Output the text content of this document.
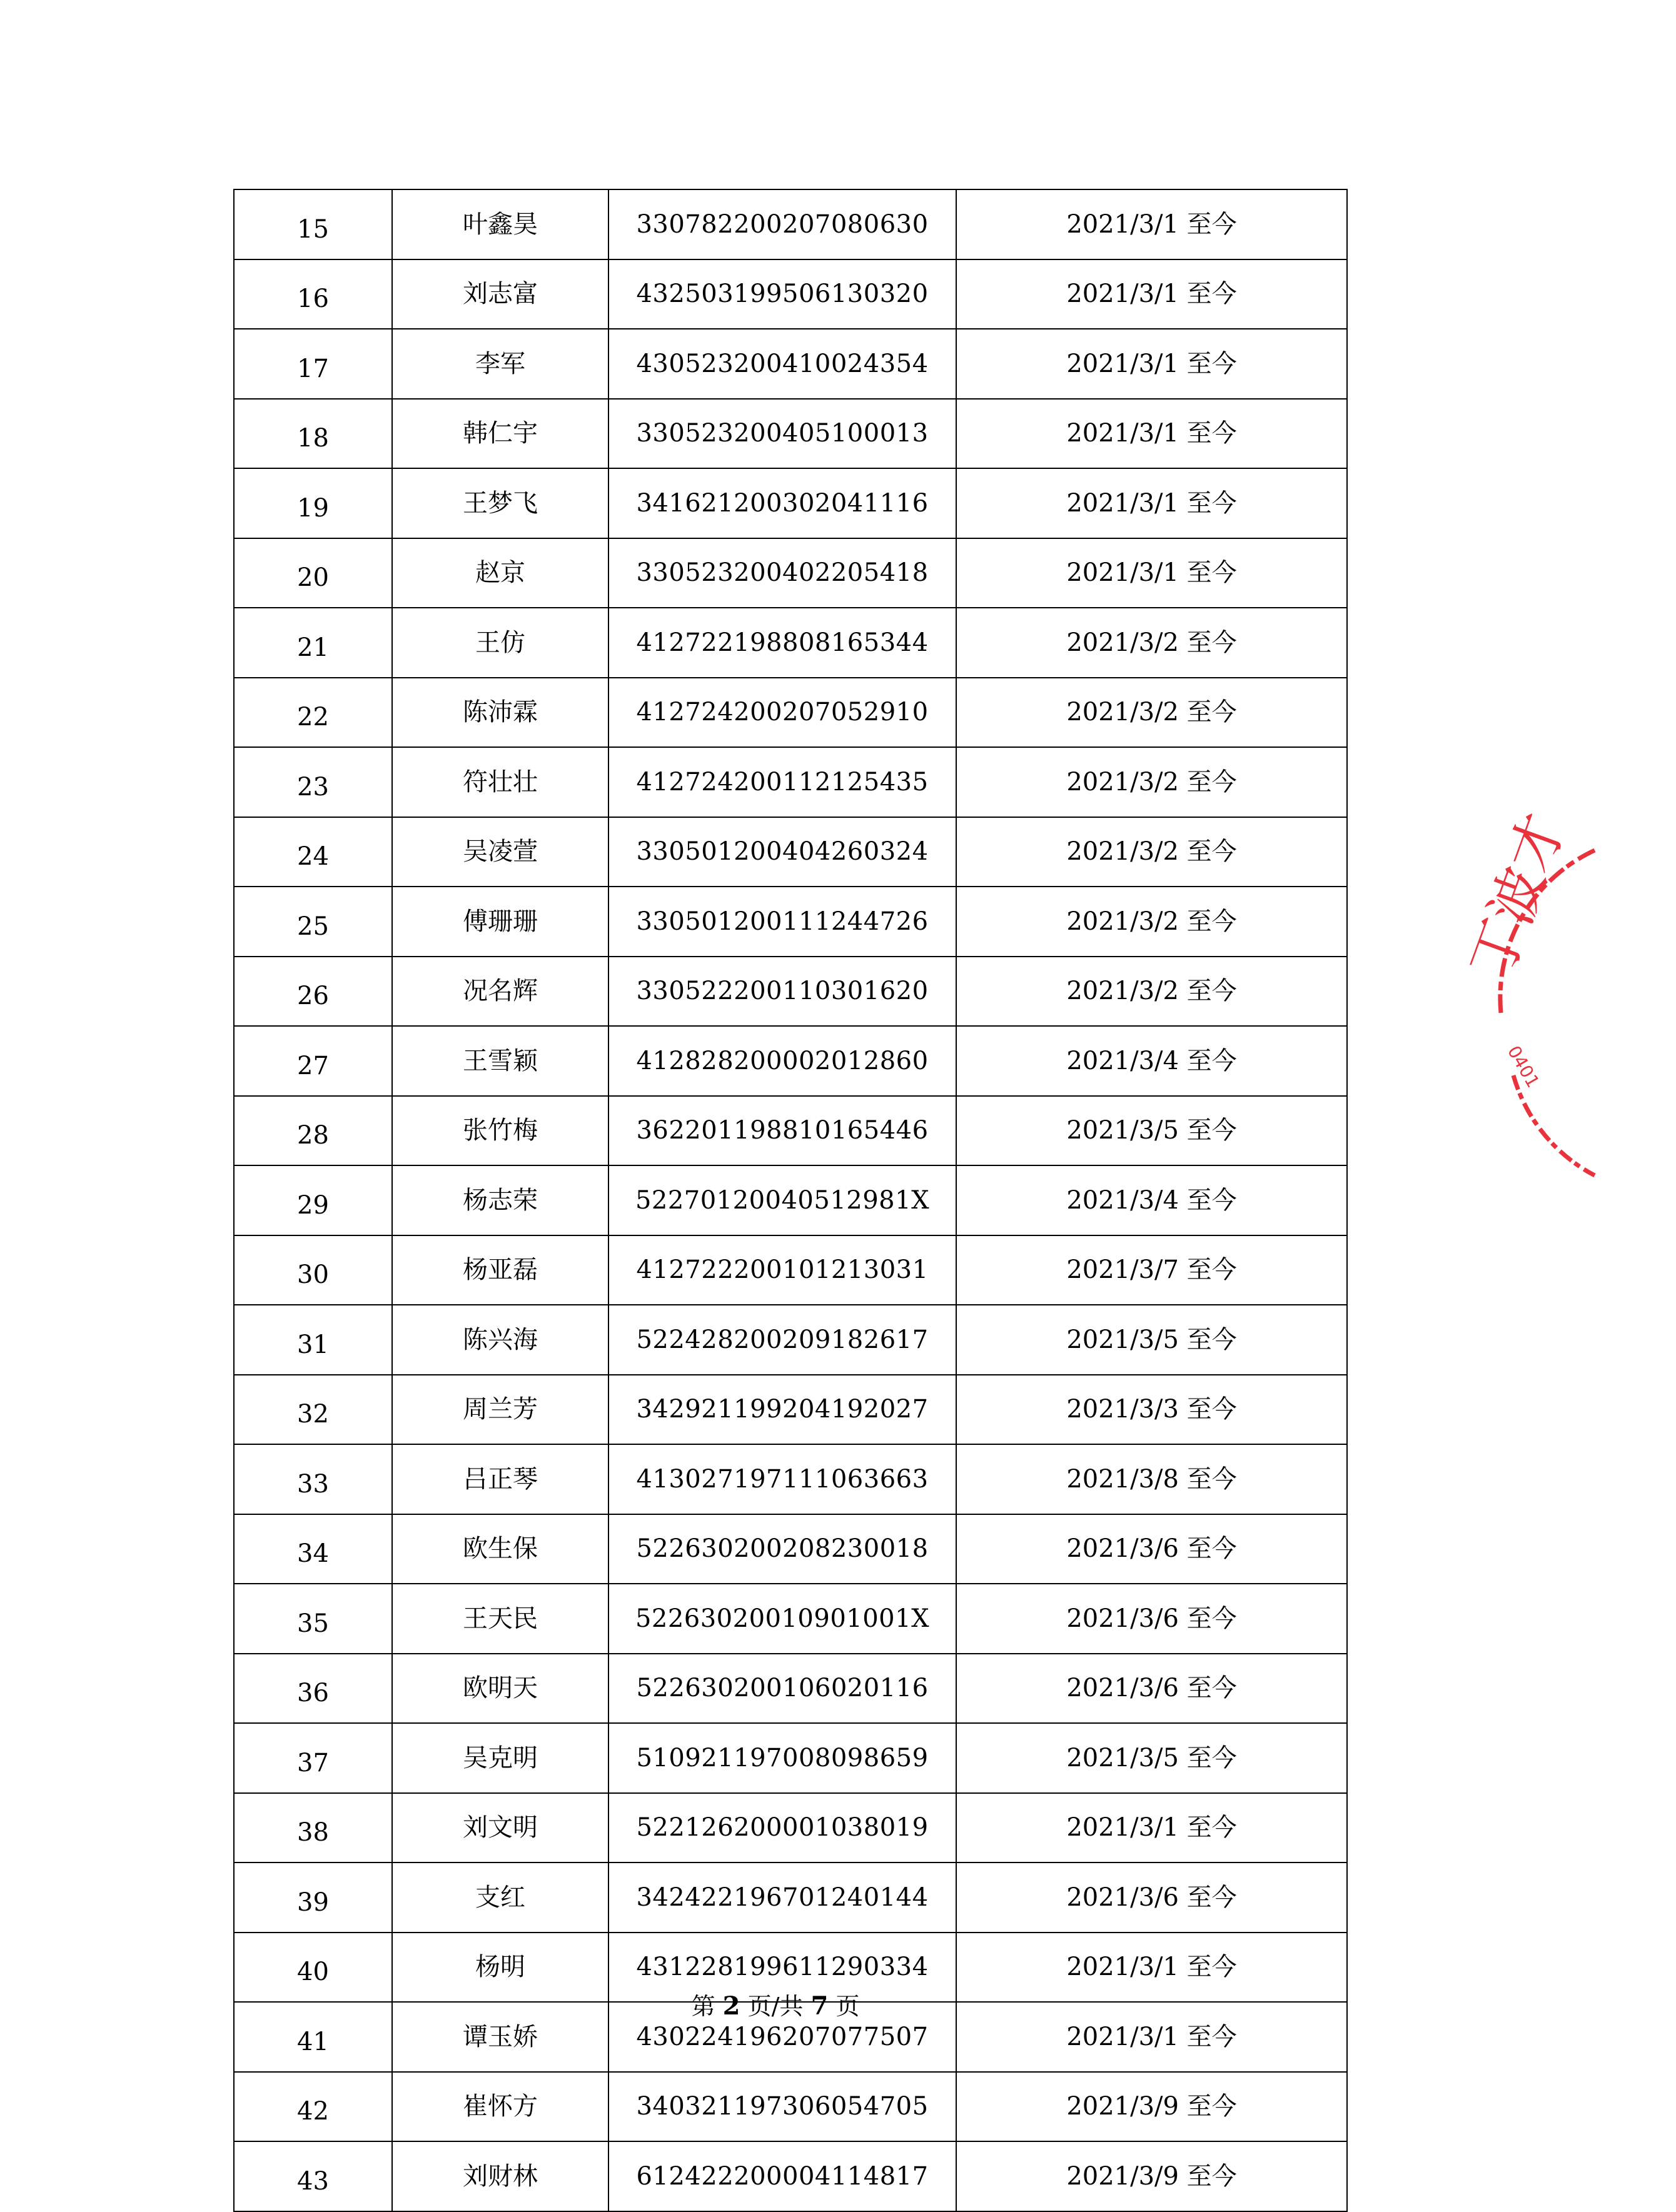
15	叶鑫昊	330782200207080630	2021/3/1 至今
16	刘志富	432503199506130320	2021/3/1 至今
17	李军	430523200410024354	2021/3/1 至今
18	韩仁宇	330523200405100013	2021/3/1 至今
19	王梦飞	341621200302041116	2021/3/1 至今
20	赵京	330523200402205418	2021/3/1 至今
21	王仿	412722198808165344	2021/3/2 至今
22	陈沛霖	412724200207052910	2021/3/2 至今
23	符壮壮	412724200112125435	2021/3/2 至今
24	吴凌萱	330501200404260324	2021/3/2 至今
25	傅珊珊	330501200111244726	2021/3/2 至今
26	况名辉	330522200110301620	2021/3/2 至今
27	王雪颖	412828200002012860	2021/3/4 至今
28	张竹梅	362201198810165446	2021/3/5 至今
29	杨志荣	52270120040512981X	2021/3/4 至今
30	杨亚磊	412722200101213031	2021/3/7 至今
31	陈兴海	522428200209182617	2021/3/5 至今
32	周兰芳	342921199204192027	2021/3/3 至今
33	吕正琴	413027197111063663	2021/3/8 至今
34	欧生保	522630200208230018	2021/3/6 至今
35	王天民	52263020010901001X	2021/3/6 至今
36	欧明天	522630200106020116	2021/3/6 至今
37	吴克明	510921197008098659	2021/3/5 至今
38	刘文明	522126200001038019	2021/3/1 至今
39	支红	342422196701240144	2021/3/6 至今
40	杨明	431228199611290334	2021/3/1 至今
41	谭玉娇	430224196207077507	2021/3/1 至今
42	崔怀方	340321197306054705	2021/3/9 至今
43	刘财林	612422200004114817	2021/3/9 至今
第 2 页/共 7 页
丁波才
0401
